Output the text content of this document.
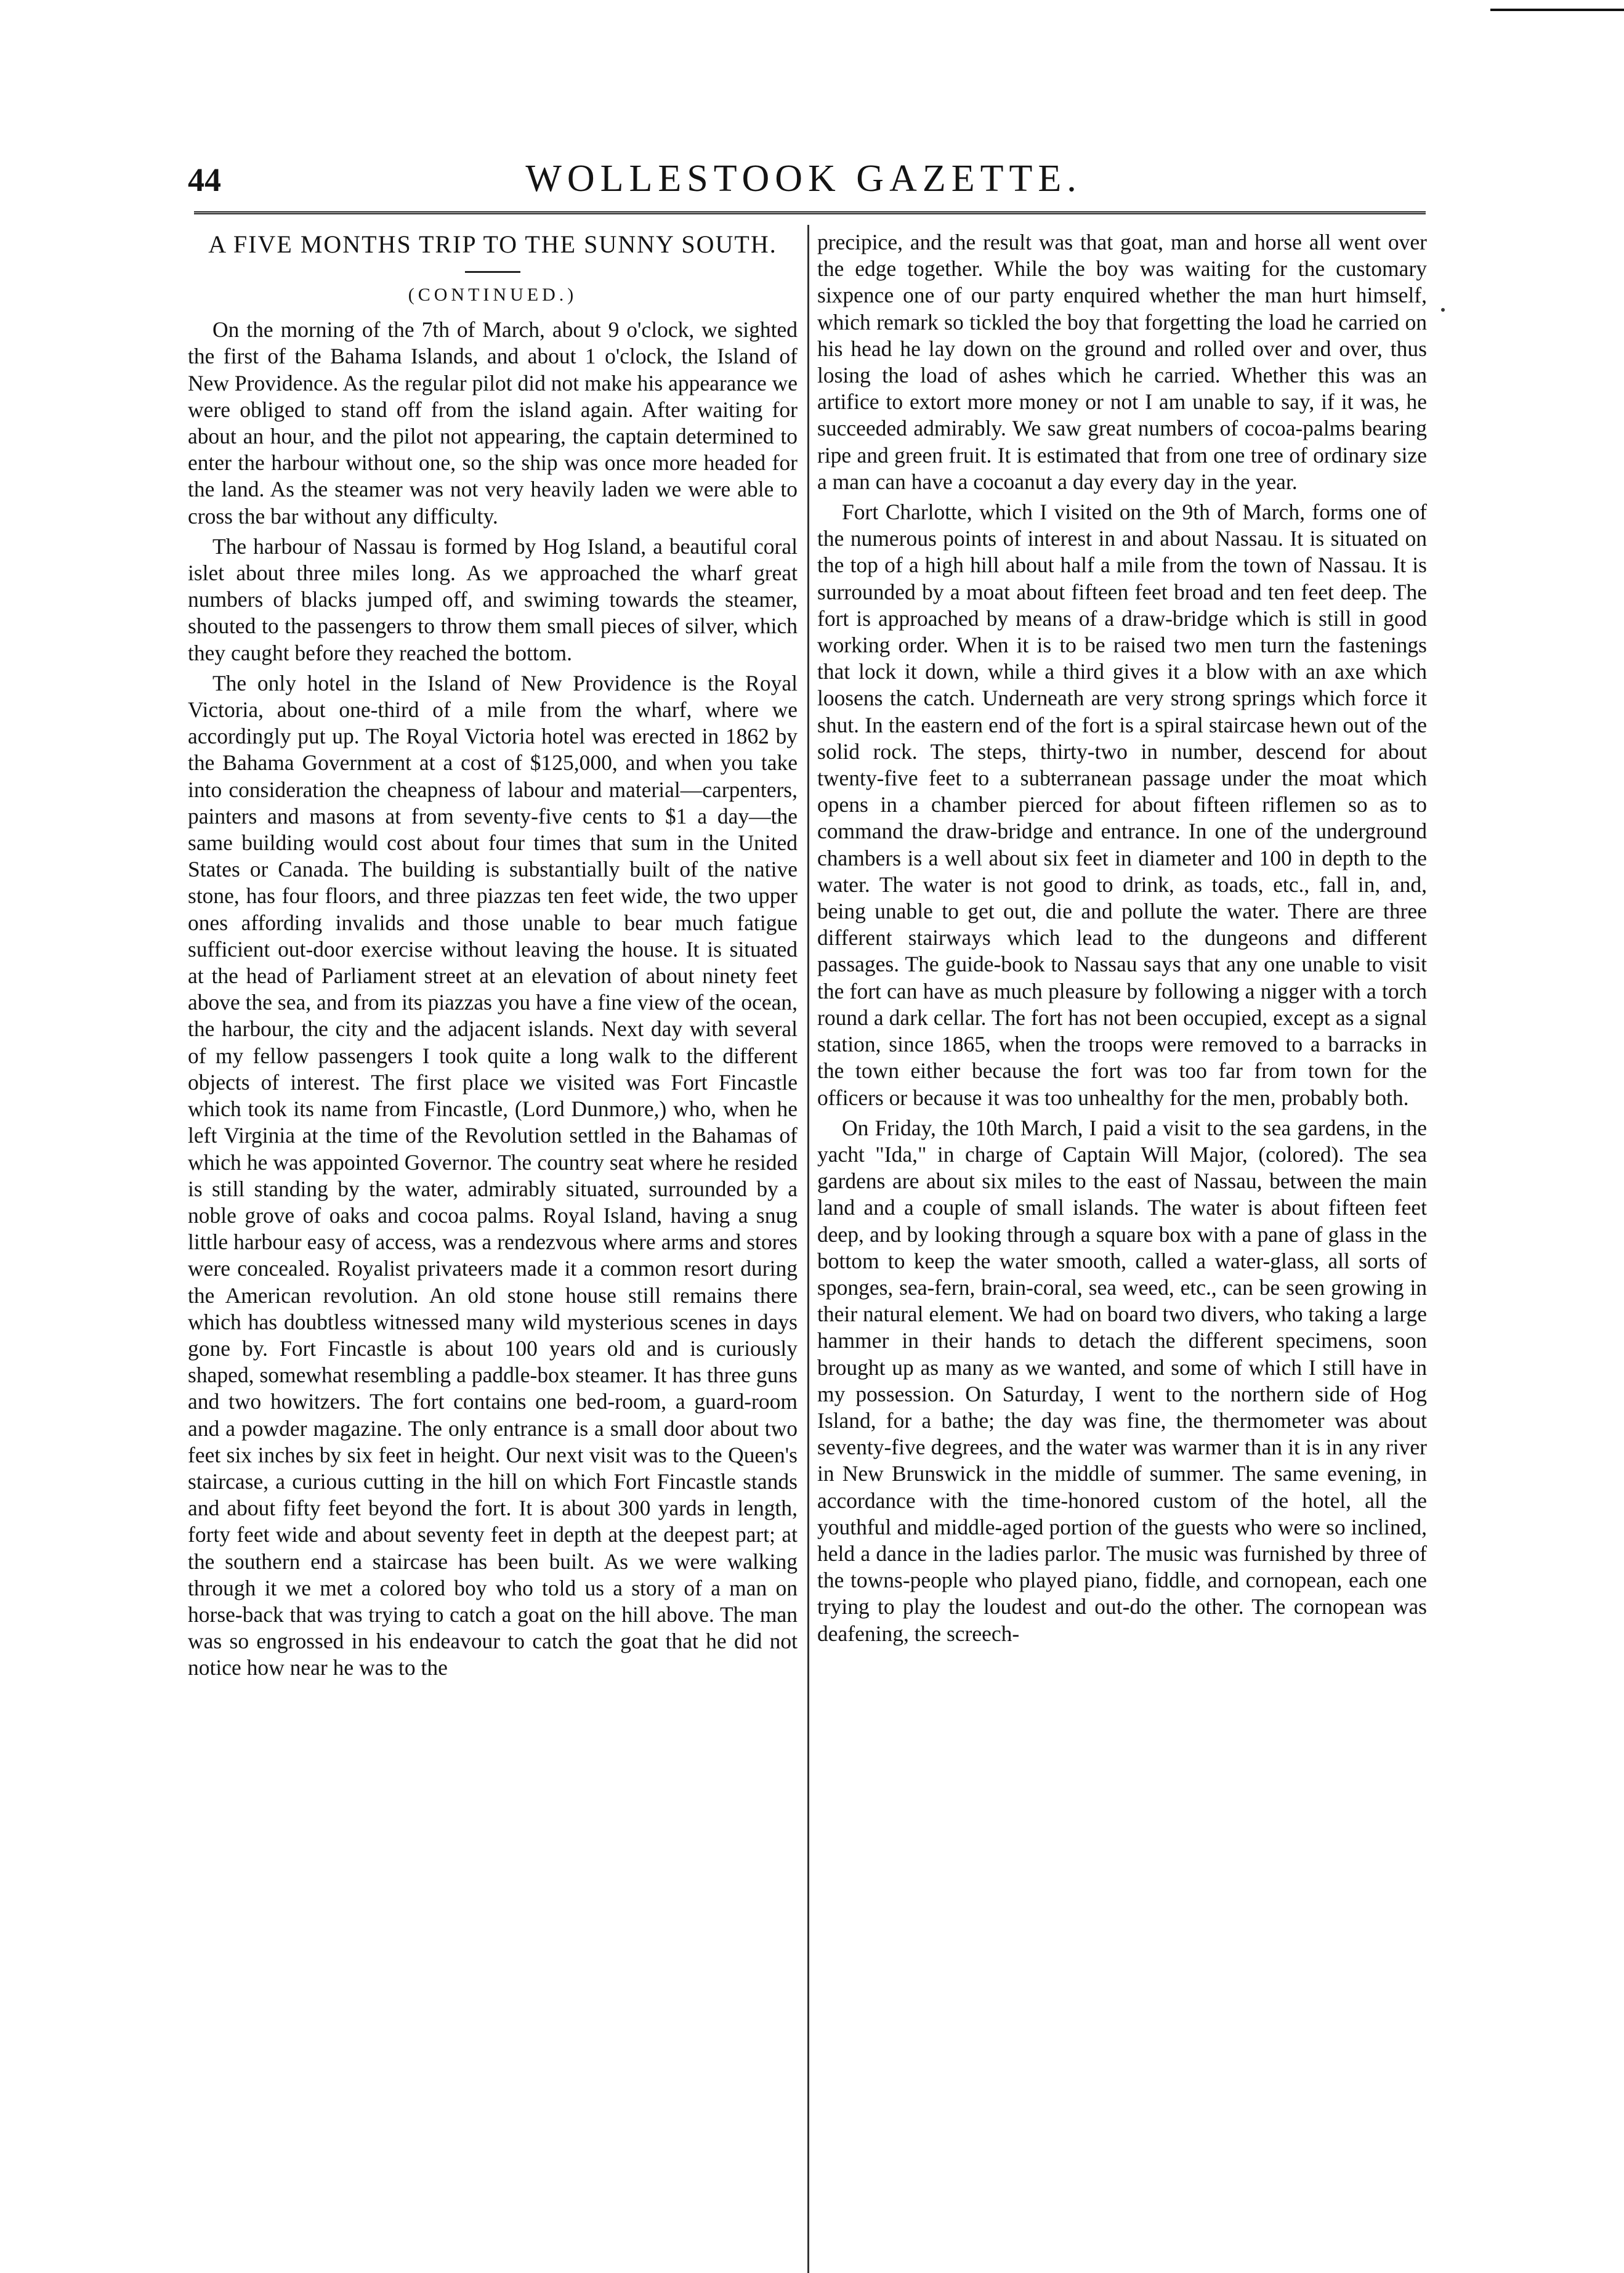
44	WOLLESTOOK GAZETTE.
A FIVE MONTHS TRIP TO THE SUNNY SOUTH.
(CONTINUED.)

On the morning of the 7th of March, about 9 o'clock, we sighted the first of the Bahama Islands, and about 1 o'clock, the Island of New Providence. As the regular pilot did not make his appearance we were obliged to stand off from the island again. After waiting for about an hour, and the pilot not appearing, the captain determined to enter the harbour without one, so the ship was once more headed for the land. As the steamer was not very heavily laden we were able to cross the bar without any difficulty.

The harbour of Nassau is formed by Hog Island, a beautiful coral islet about three miles long. As we approached the wharf great numbers of blacks jumped off, and swiming towards the steamer, shouted to the passengers to throw them small pieces of silver, which they caught before they reached the bottom.

The only hotel in the Island of New Providence is the Royal Victoria, about one-third of a mile from the wharf, where we accordingly put up. The Royal Victoria hotel was erected in 1862 by the Bahama Government at a cost of $125,000, and when you take into consideration the cheapness of labour and material—carpenters, painters and masons at from seventy-five cents to $1 a day—the same building would cost about four times that sum in the United States or Canada. The building is substantially built of the native stone, has four floors, and three piazzas ten feet wide, the two upper ones affording invalids and those unable to bear much fatigue sufficient out-door exercise without leaving the house. It is situated at the head of Parliament street at an elevation of about ninety feet above the sea, and from its piazzas you have a fine view of the ocean, the harbour, the city and the adjacent islands. Next day with several of my fellow passengers I took quite a long walk to the different objects of interest. The first place we visited was Fort Fincastle which took its name from Fincastle, (Lord Dunmore,) who, when he left Virginia at the time of the Revolution settled in the Bahamas of which he was appointed Governor. The country seat where he resided is still standing by the water, admirably situated, surrounded by a noble grove of oaks and cocoa palms. Royal Island, having a snug little harbour easy of access, was a rendezvous where arms and stores were concealed. Royalist privateers made it a common resort during the American revolution. An old stone house still remains there which has doubtless witnessed many wild mysterious scenes in days gone by. Fort Fincastle is about 100 years old and is curiously shaped, somewhat resembling a paddle-box steamer. It has three guns and two howitzers. The fort contains one bed-room, a guard-room and a powder magazine. The only entrance is a small door about two feet six inches by six feet in height. Our next visit was to the Queen's staircase, a curious cutting in the hill on which Fort Fincastle stands and about fifty feet beyond the fort. It is about 300 yards in length, forty feet wide and about seventy feet in depth at the deepest part; at the southern end a staircase has been built. As we were walking through it we met a colored boy who told us a story of a man on horse-back that was trying to catch a goat on the hill above. The man was so engrossed in his endeavour to catch the goat that he did not notice how near he was to the

precipice, and the result was that goat, man and horse all went over the edge together. While the boy was waiting for the customary sixpence one of our party enquired whether the man hurt himself, which remark so tickled the boy that forgetting the load he carried on his head he lay down on the ground and rolled over and over, thus losing the load of ashes which he carried. Whether this was an artifice to extort more money or not I am unable to say, if it was, he succeeded admirably. We saw great numbers of cocoa-palms bearing ripe and green fruit. It is estimated that from one tree of ordinary size a man can have a cocoanut a day every day in the year.

Fort Charlotte, which I visited on the 9th of March, forms one of the numerous points of interest in and about Nassau. It is situated on the top of a high hill about half a mile from the town of Nassau. It is surrounded by a moat about fifteen feet broad and ten feet deep. The fort is approached by means of a draw-bridge which is still in good working order. When it is to be raised two men turn the fastenings that lock it down, while a third gives it a blow with an axe which loosens the catch. Underneath are very strong springs which force it shut. In the eastern end of the fort is a spiral staircase hewn out of the solid rock. The steps, thirty-two in number, descend for about twenty-five feet to a subterranean passage under the moat which opens in a chamber pierced for about fifteen riflemen so as to command the draw-bridge and entrance. In one of the underground chambers is a well about six feet in diameter and 100 in depth to the water. The water is not good to drink, as toads, etc., fall in, and, being unable to get out, die and pollute the water. There are three different stairways which lead to the dungeons and different passages. The guide-book to Nassau says that any one unable to visit the fort can have as much pleasure by following a nigger with a torch round a dark cellar. The fort has not been occupied, except as a signal station, since 1865, when the troops were removed to a barracks in the town either because the fort was too far from town for the officers or because it was too unhealthy for the men, probably both.

On Friday, the 10th March, I paid a visit to the sea gardens, in the yacht "Ida," in charge of Captain Will Major, (colored). The sea gardens are about six miles to the east of Nassau, between the main land and a couple of small islands. The water is about fifteen feet deep, and by looking through a square box with a pane of glass in the bottom to keep the water smooth, called a water-glass, all sorts of sponges, sea-fern, brain-coral, sea weed, etc., can be seen growing in their natural element. We had on board two divers, who taking a large hammer in their hands to detach the different specimens, soon brought up as many as we wanted, and some of which I still have in my possession. On Saturday, I went to the northern side of Hog Island, for a bathe; the day was fine, the thermometer was about seventy-five degrees, and the water was warmer than it is in any river in New Brunswick in the middle of summer. The same evening, in accordance with the time-honored custom of the hotel, all the youthful and middle-aged portion of the guests who were so inclined, held a dance in the ladies parlor. The music was furnished by three of the towns-people who played piano, fiddle, and cornopean, each one trying to play the loudest and out-do the other. The cornopean was deafening, the screech-
